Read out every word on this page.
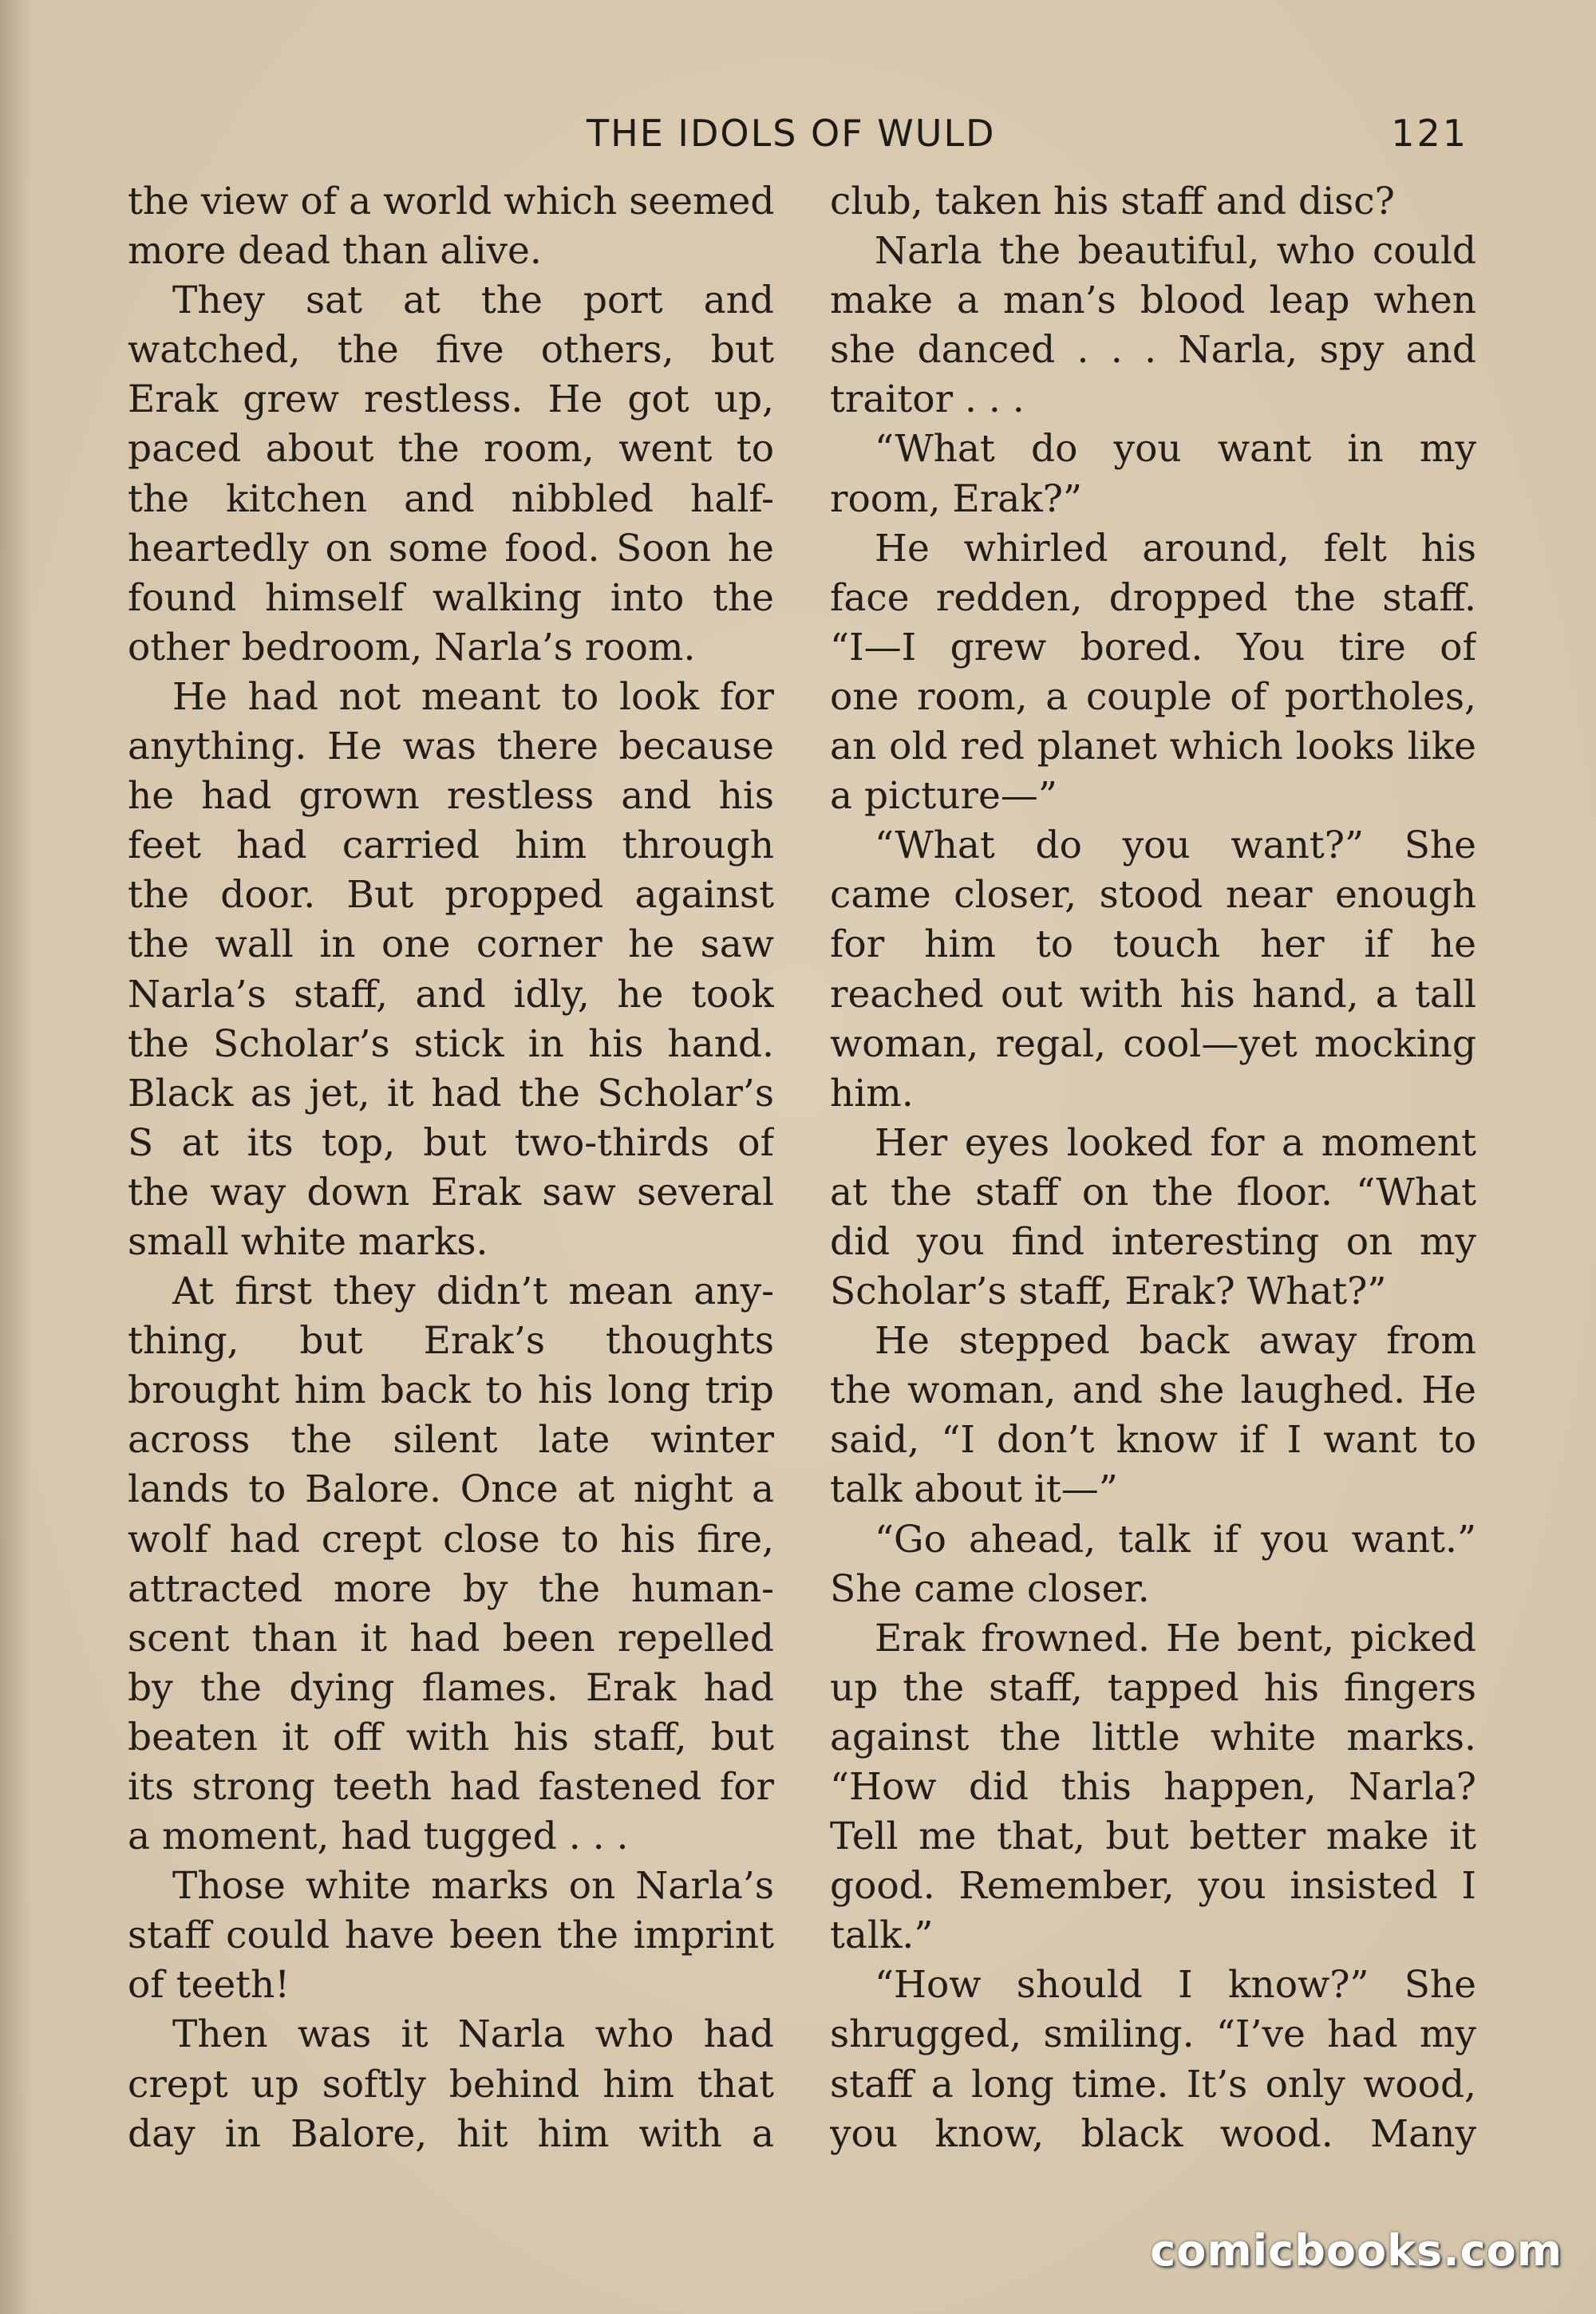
THE IDOLS OF WULD	121
the view of a world which seemed
more dead than alive.
They sat at the port and
watched, the five others, but
Erak grew restless. He got up,
paced about the room, went to
the kitchen and nibbled half-
heartedly on some food. Soon he
found himself walking into the
other bedroom, Narla’s room.
He had not meant to look for
anything. He was there because
he had grown restless and his
feet had carried him through
the door. But propped against
the wall in one corner he saw
Narla’s staff, and idly, he took
the Scholar’s stick in his hand.
Black as jet, it had the Scholar’s
S at its top, but two-thirds of
the way down Erak saw several
small white marks.
At first they didn’t mean any-
thing, but Erak’s thoughts
brought him back to his long trip
across the silent late winter
lands to Balore. Once at night a
wolf had crept close to his fire,
attracted more by the human-
scent than it had been repelled
by the dying flames. Erak had
beaten it off with his staff, but
its strong teeth had fastened for
a moment, had tugged . . .
Those white marks on Narla’s
staff could have been the imprint
of teeth!
Then was it Narla who had
crept up softly behind him that
day in Balore, hit him with a
club, taken his staff and disc?
Narla the beautiful, who could
make a man’s blood leap when
she danced . . . Narla, spy and
traitor . . .
“What do you want in my
room, Erak?”
He whirled around, felt his
face redden, dropped the staff.
“I—I grew bored. You tire of
one room, a couple of portholes,
an old red planet which looks like
a picture—”
“What do you want?” She
came closer, stood near enough
for him to touch her if he
reached out with his hand, a tall
woman, regal, cool—yet mocking
him.
Her eyes looked for a moment
at the staff on the floor. “What
did you find interesting on my
Scholar’s staff, Erak? What?”
He stepped back away from
the woman, and she laughed. He
said, “I don’t know if I want to
talk about it—”
“Go ahead, talk if you want.”
She came closer.
Erak frowned. He bent, picked
up the staff, tapped his fingers
against the little white marks.
“How did this happen, Narla?
Tell me that, but better make it
good. Remember, you insisted I
talk.”
“How should I know?” She
shrugged, smiling. “I’ve had my
staff a long time. It’s only wood,
you know, black wood. Many
comicbooks.com
